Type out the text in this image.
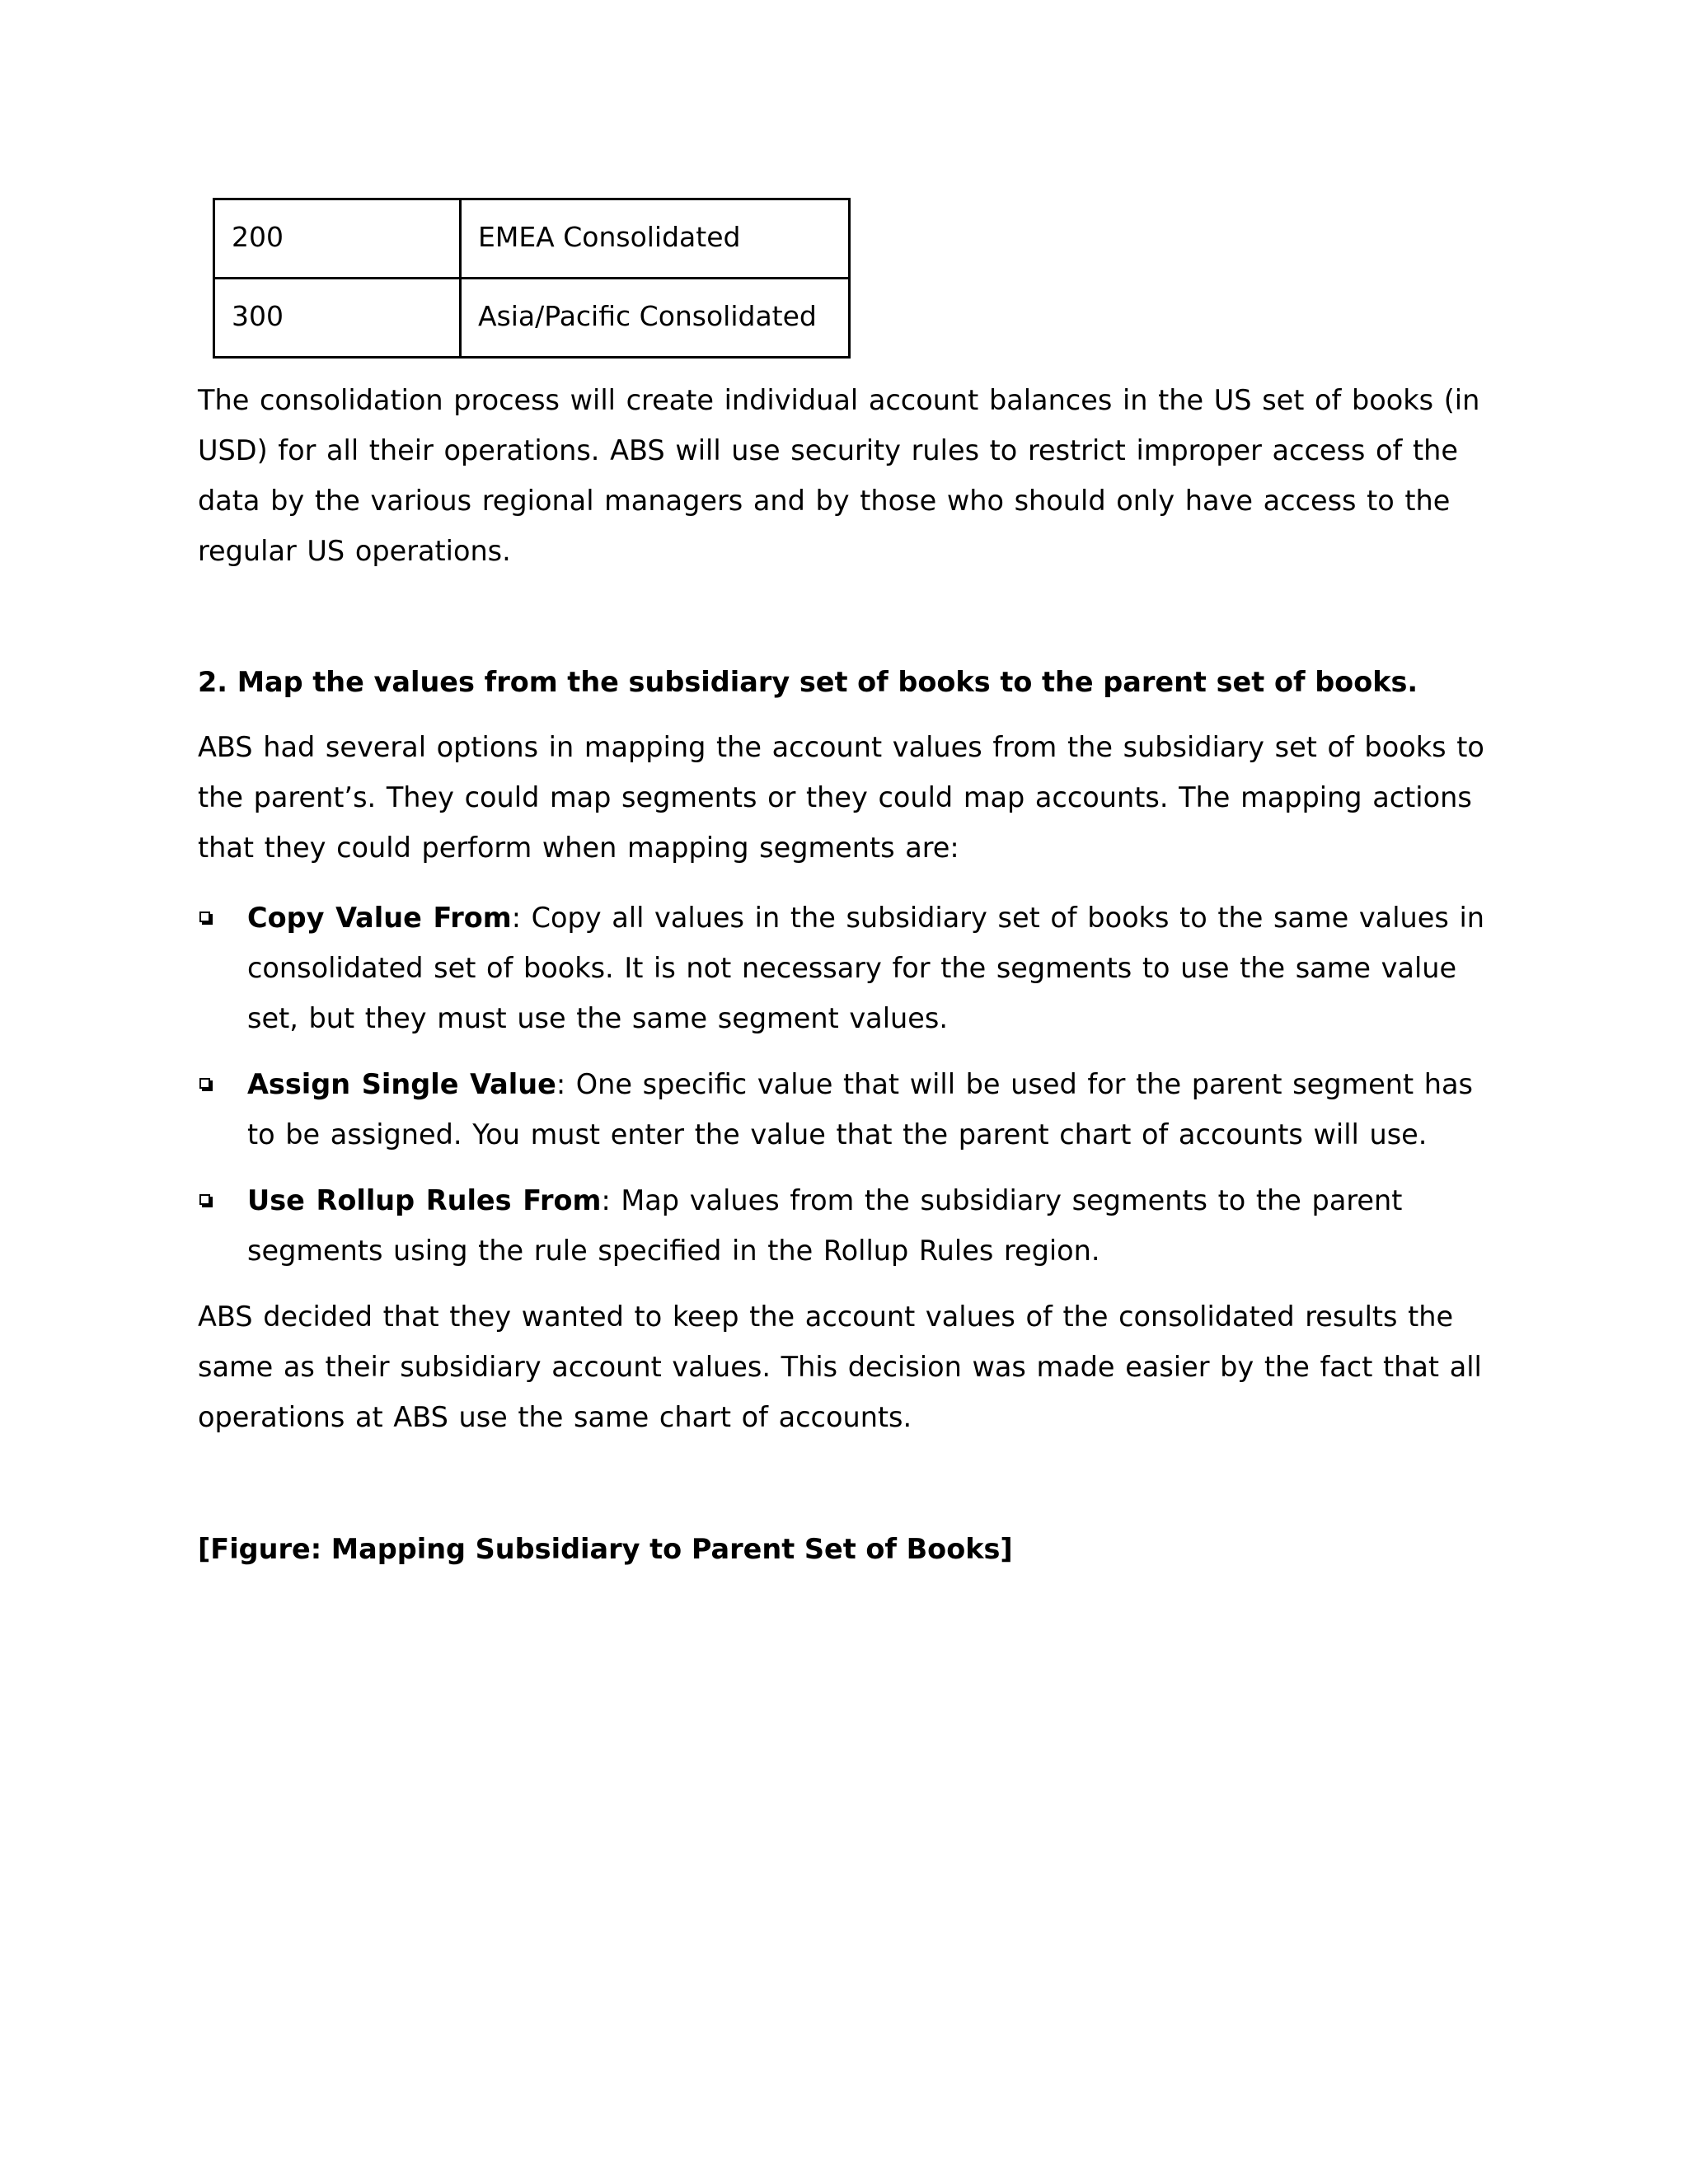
200	EMEA Consolidated
300	Asia/Pacific Consolidated

The consolidation process will create individual account balances in the US set of books (in USD) for all their operations. ABS will use security rules to restrict improper access of the data by the various regional managers and by those who should only have access to the regular US operations.

2. Map the values from the subsidiary set of books to the parent set of books.

ABS had several options in mapping the account values from the subsidiary set of books to the parent’s. They could map segments or they could map accounts. The mapping actions that they could perform when mapping segments are:

Copy Value From: Copy all values in the subsidiary set of books to the same values in consolidated set of books. It is not necessary for the segments to use the same value set, but they must use the same segment values.

Assign Single Value: One specific value that will be used for the parent segment has to be assigned. You must enter the value that the parent chart of accounts will use.

Use Rollup Rules From: Map values from the subsidiary segments to the parent segments using the rule specified in the Rollup Rules region.

ABS decided that they wanted to keep the account values of the consolidated results the same as their subsidiary account values. This decision was made easier by the fact that all operations at ABS use the same chart of accounts.

[Figure: Mapping Subsidiary to Parent Set of Books]
